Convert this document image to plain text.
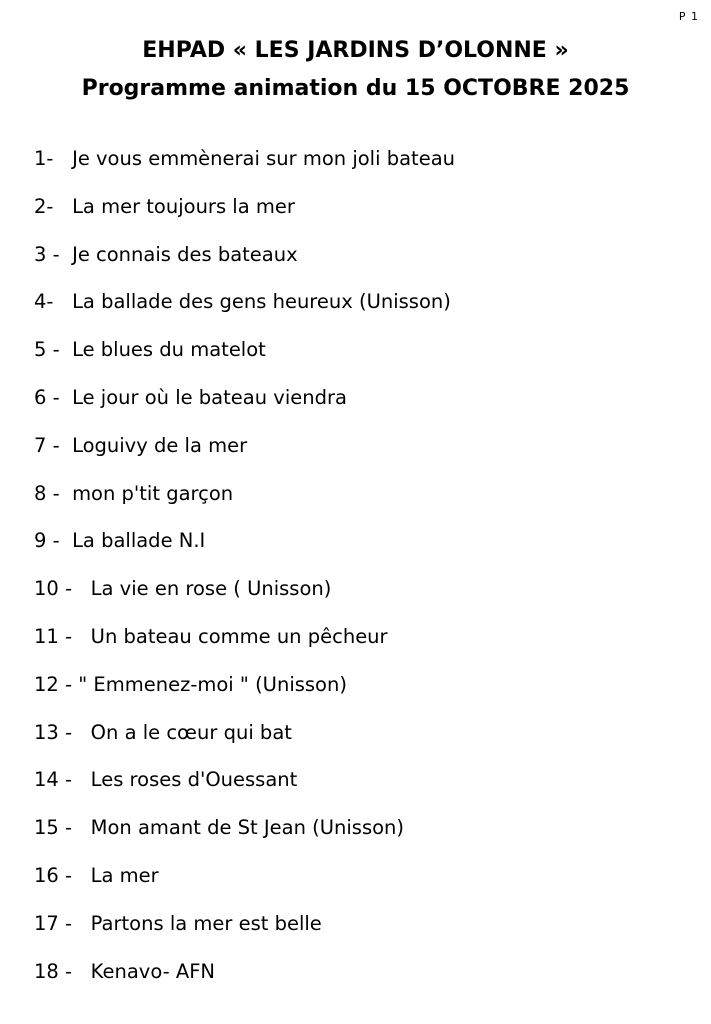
P 1
EHPAD « LES JARDINS D’OLONNE »
Programme animation du 15 OCTOBRE 2025
1- Je vous emmènerai sur mon joli bateau
2- La mer toujours la mer
3 - Je connais des bateaux
4- La ballade des gens heureux (Unisson)
5 - Le blues du matelot
6 - Le jour où le bateau viendra
7 - Loguivy de la mer
8 - mon p'tit garçon
9 - La ballade N.I
10 - La vie en rose ( Unisson)
11 - Un bateau comme un pêcheur
12 - " Emmenez-moi " (Unisson)
13 - On a le cœur qui bat
14 - Les roses d'Ouessant
15 - Mon amant de St Jean (Unisson)
16 - La mer
17 - Partons la mer est belle
18 - Kenavo- AFN
